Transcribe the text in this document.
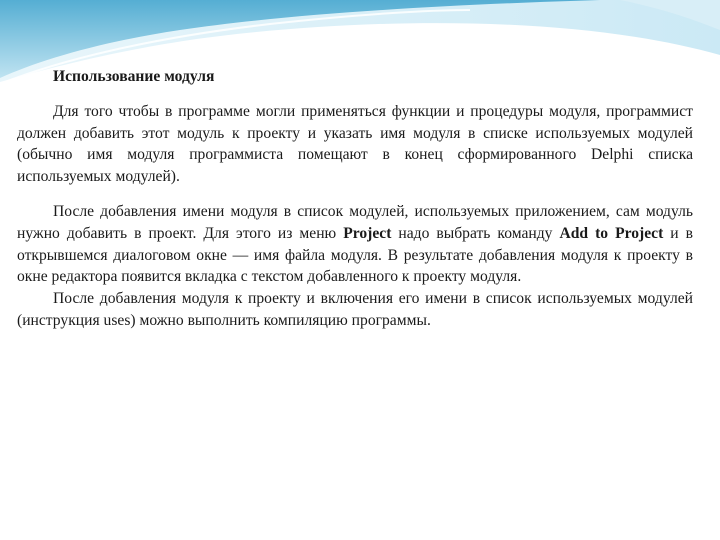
Использование модуля

Для того чтобы в программе могли применяться функции и процедуры модуля, программист должен добавить этот модуль к проекту и указать имя модуля в списке используемых модулей (обычно имя модуля программиста помещают в конец сформированного Delphi списка используемых модулей).

После добавления имени модуля в список модулей, используемых приложением, сам модуль нужно добавить в проект. Для этого из меню Project надо выбрать команду Add to Project и в открывшемся диалоговом окне — имя файла модуля. В результате добавления модуля к проекту в окне редактора появится вкладка с текстом добавленного к проекту модуля.

После добавления модуля к проекту и включения его имени в список используемых модулей (инструкция uses) можно выполнить компиляцию программы.
